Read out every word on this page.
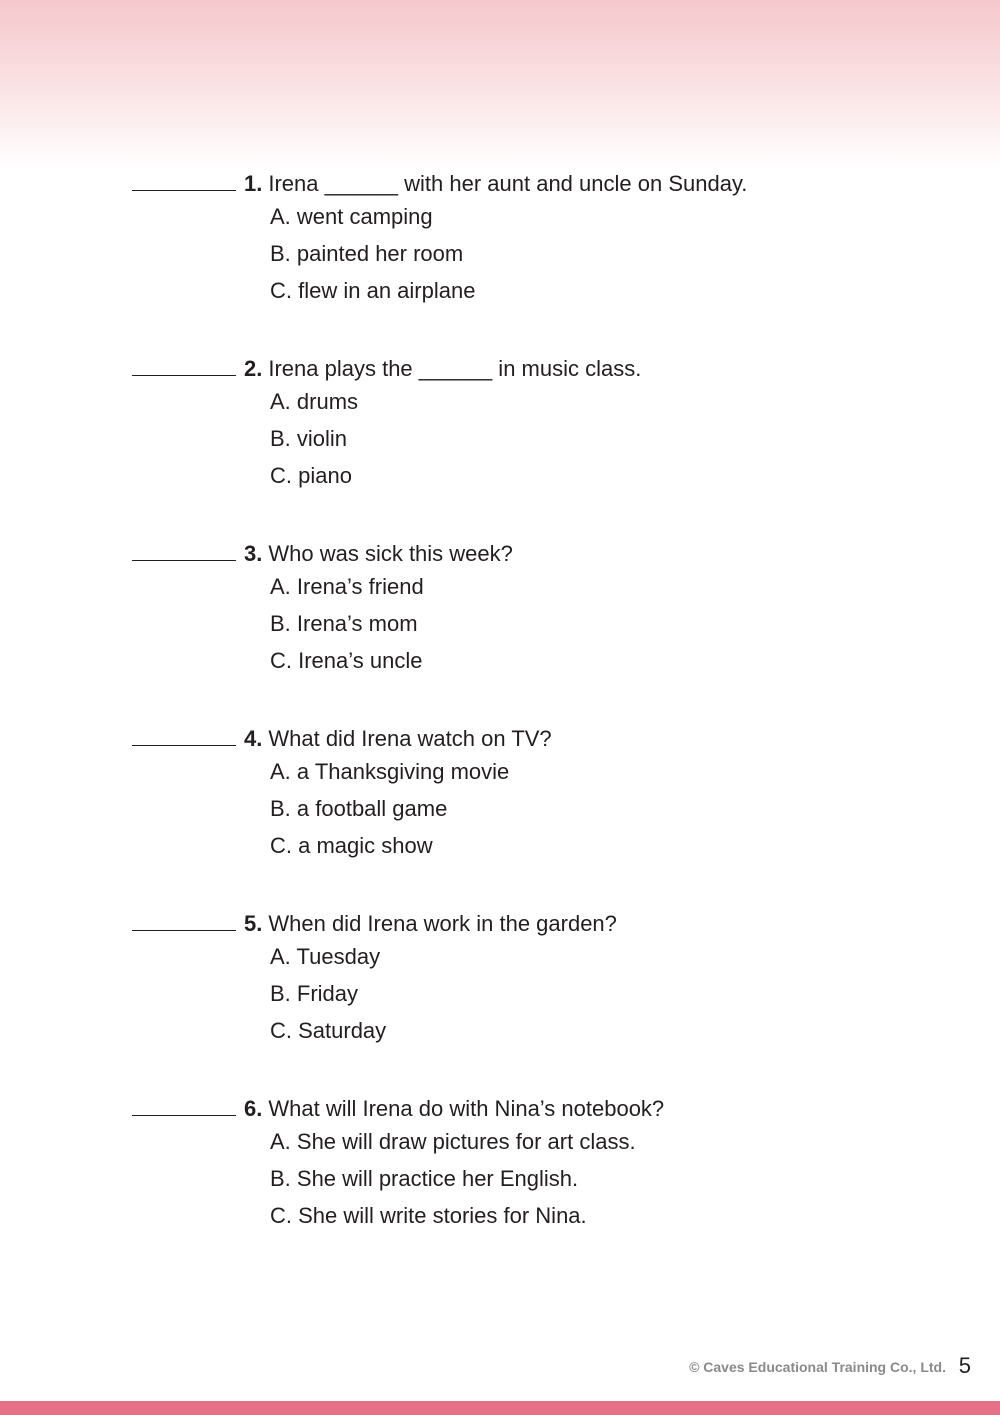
1. Irena ______ with her aunt and uncle on Sunday.
A. went camping
B. painted her room
C. flew in an airplane
2. Irena plays the ______ in music class.
A. drums
B. violin
C. piano
3. Who was sick this week?
A. Irena’s friend
B. Irena’s mom
C. Irena’s uncle
4. What did Irena watch on TV?
A. a Thanksgiving movie
B. a football game
C. a magic show
5. When did Irena work in the garden?
A. Tuesday
B. Friday
C. Saturday
6. What will Irena do with Nina’s notebook?
A. She will draw pictures for art class.
B. She will practice her English.
C. She will write stories for Nina.
© Caves Educational Training Co., Ltd. 5
